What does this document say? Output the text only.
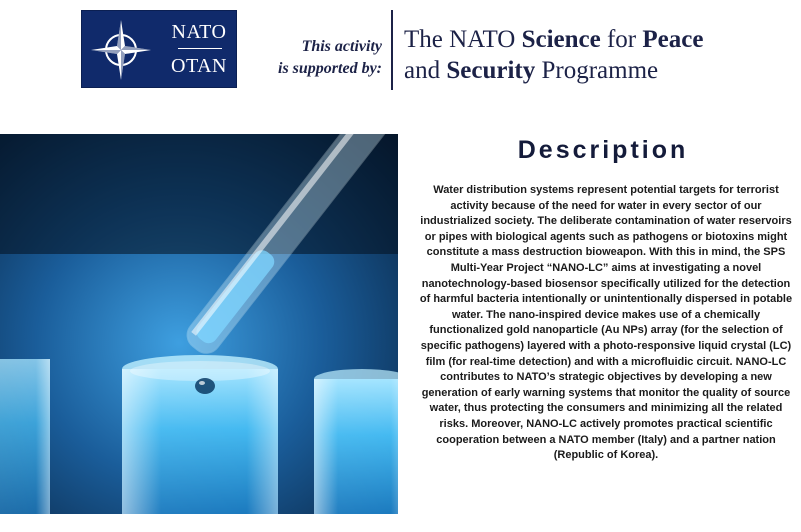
NATO
OTAN
This activity
is supported by:
The NATO Science for Peace
and Security Programme
Description
Water distribution systems represent potential targets for terrorist activity because of the need for water in every sector of our industrialized society. The deliberate contamination of water reservoirs or pipes with biological agents such as pathogens or biotoxins might constitute a mass destruction bioweapon. With this in mind, the SPS Multi-Year Project “NANO-LC” aims at investigating a novel nanotechnology-based biosensor specifically utilized for the detection of harmful bacteria intentionally or unintentionally dispersed in potable water. The nano-inspired device makes use of a chemically functionalized gold nanoparticle (Au NPs) array (for the selection of specific pathogens) layered with a photo-responsive liquid crystal (LC) film (for real-time detection) and with a microfluidic circuit. NANO-LC contributes to NATO’s strategic objectives by developing a new generation of early warning systems that monitor the quality of source water, thus protecting the consumers and minimizing all the related risks. Moreover, NANO-LC actively promotes practical scientific cooperation between a NATO member (Italy) and a partner nation (Republic of Korea).
